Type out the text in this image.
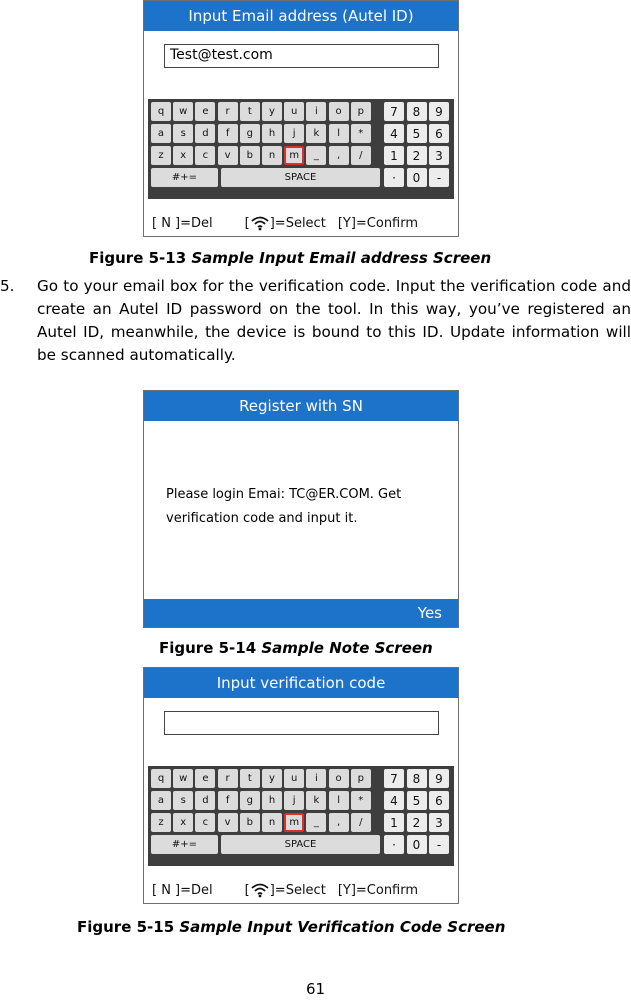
Input Email address (Autel ID)
Test@test.com
q	w	e	r	t	y	u	i	o	p
a	s	d	f	g	h	j	k	l	*
z	x	c	v	b	n	m	_	,	/
#+=	SPACE
7	8	9
4	5	6
1	2	3
·	0	-
[ N ]=Del [ ]=Select [Y]=Confirm
Figure 5-13 Sample Input Email address Screen
5. Go to your email box for the verification code. Input the verification code and create an Autel ID password on the tool. In this way, you’ve registered an Autel ID, meanwhile, the device is bound to this ID. Update information will be scanned automatically.
Register with SN
Please login Emai: TC@ER.COM. Get
verification code and input it.
Yes
Figure 5-14 Sample Note Screen
Input verification code
q	w	e	r	t	y	u	i	o	p
a	s	d	f	g	h	j	k	l	*
z	x	c	v	b	n	m	_	,	/
#+=	SPACE
7	8	9
4	5	6
1	2	3
·	0	-
[ N ]=Del [ ]=Select [Y]=Confirm
Figure 5-15 Sample Input Verification Code Screen
61
